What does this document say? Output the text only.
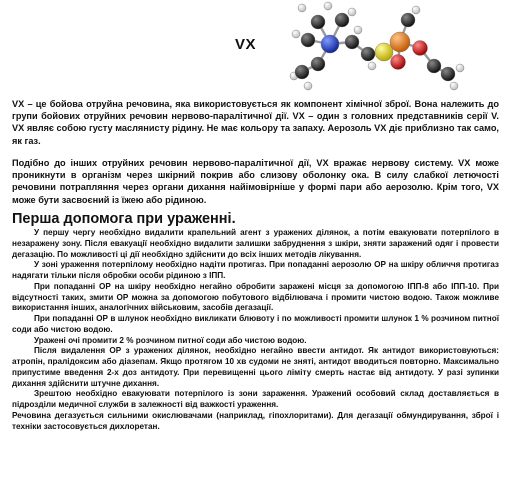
VX

VX – це бойова отруйна речовина, яка використовується як компонент хімічної зброї. Вона належить до групи бойових отруйних речовин нервово-паралітичної дії. VX – один з головних представників серії V. VX являє собою густу маслянисту рідину. Не має кольору та запаху. Аерозоль VX діє приблизно так само, як газ.

Подібно до інших отруйних речовин нервово-паралітичної дії, VX вражає нервову систему. VX може проникнути в організм через шкірний покрив або слизову оболонку ока. В силу слабкої летючості речовини потрапляння через органи дихання найімовірніше у формі пари або аерозолю. Крім того, VX може бути засвоєний із їжею або рідиною.

Перша допомога при ураженні.

У першу чергу необхідно видалити крапельний агент з уражених ділянок, а потім евакуювати потерпілого в незаражену зону. Після евакуації необхідно видалити залишки забруднення з шкіри, зняти заражений одяг і провести дегазацію. По можливості ці дії необхідно здійснити до всіх інших методів лікування.

У зоні ураження потерпілому необхідно надіти протигаз. При попаданні аерозолю ОР на шкіру обличчя протигаз надягати тільки після обробки особи рідиною з ІПП.

При попаданні ОР на шкіру необхідно негайно обробити заражені місця за допомогою ІПП-8 або ІПП-10. При відсутності таких, змити ОР можна за допомогою побутового відбілювача і промити чистою водою. Також можливе використання інших, аналогічних військовим, засобів дегазації.

При попаданні ОР в шлунок необхідно викликати блювоту і по можливості промити шлунок 1 % розчином питної соди або чистою водою.

Уражені очі промити 2 % розчином питної соди або чистою водою.

Після видалення ОР з уражених ділянок, необхідно негайно ввести антидот. Як антидот використовуються: атропін, пралідоксим або діазепам. Якщо протягом 10 хв судоми не зняті, антидот вводиться повторно. Максимально припустиме введення 2-х доз антидоту. При перевищенні цього ліміту смерть настає від антидоту. У разі зупинки дихання здійснити штучне дихання.

Зрештою необхідно евакуювати потерпілого із зони зараження. Уражений особовий склад доставляється в підрозділи медичної служби в залежності від важкості ураження.

Речовина дегазується сильними окислювачами (наприклад, гіпохлоритами). Для дегазації обмундирування, зброї і техніки застосовується дихлоретан.
